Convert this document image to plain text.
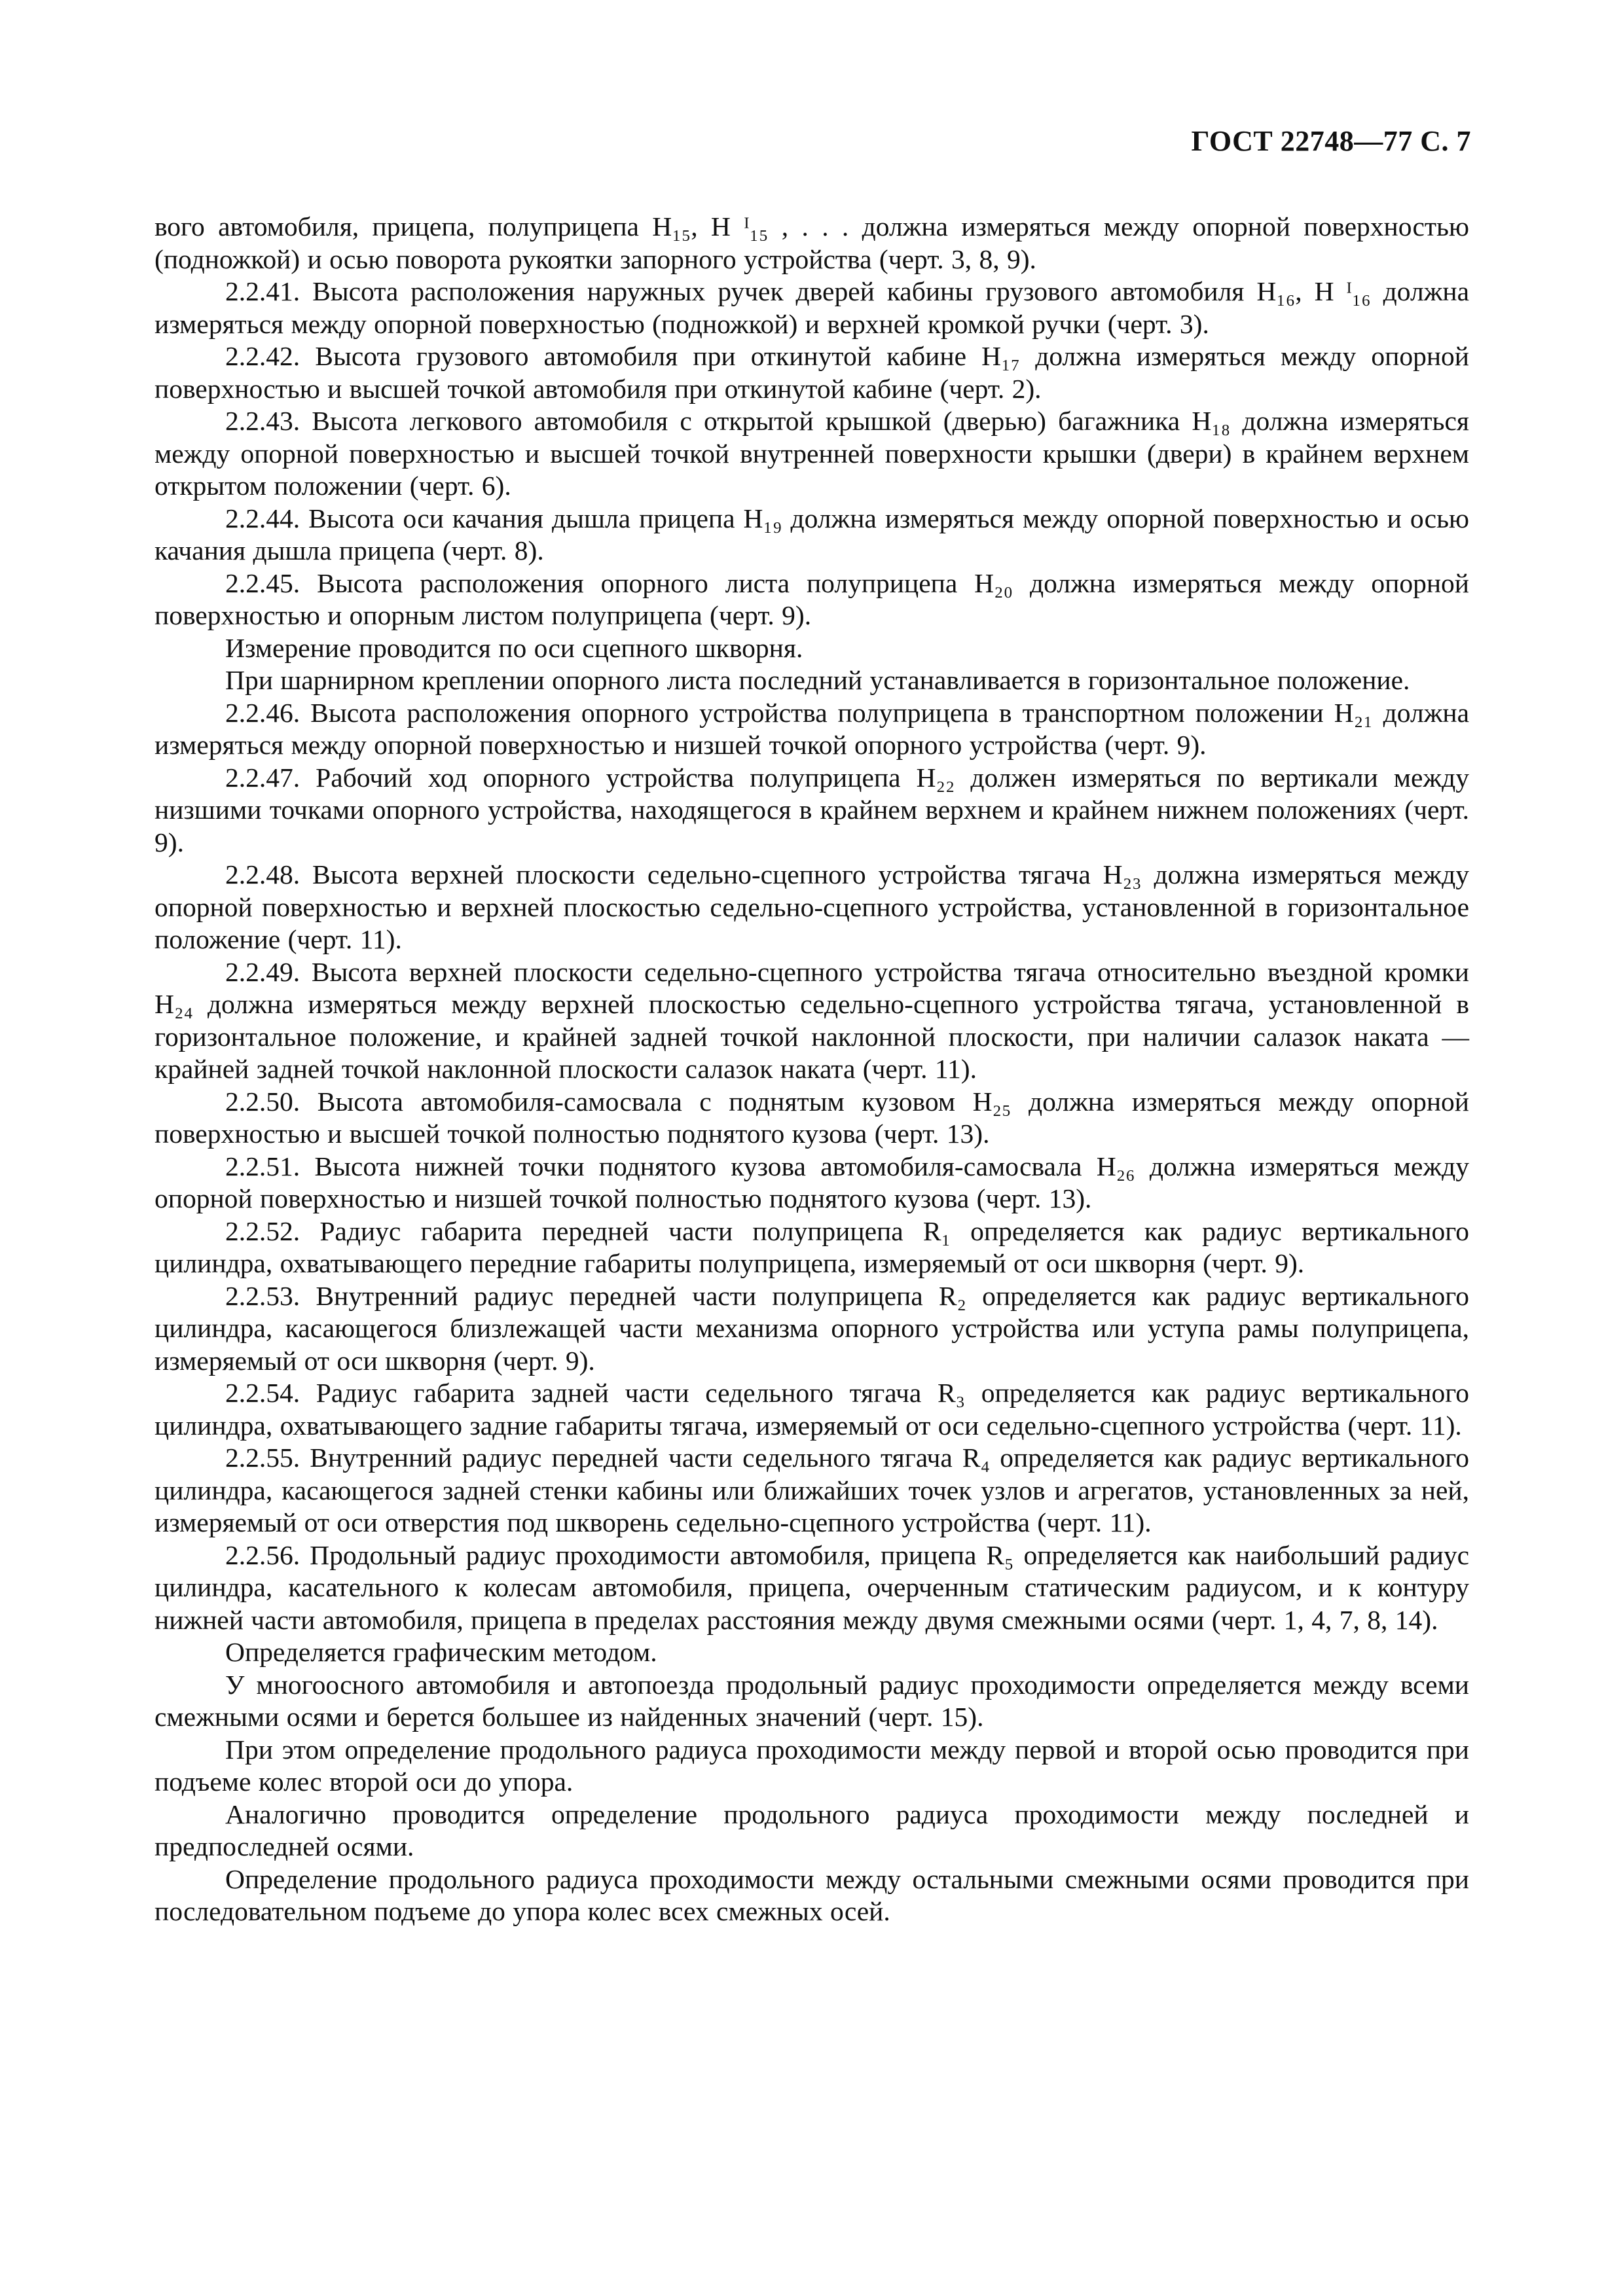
ГОСТ 22748—77 С. 7

вого автомобиля, прицепа, полуприцепа H₁₅, H ᴵ₁₅ , . . . должна измеряться между опорной поверхностью (подножкой) и осью поворота рукоятки запорного устройства (черт. 3, 8, 9).

2.2.41. Высота расположения наружных ручек дверей кабины грузового автомобиля H₁₆, H ᴵ₁₆ должна измеряться между опорной поверхностью (подножкой) и верхней кромкой ручки (черт. 3).

2.2.42. Высота грузового автомобиля при откинутой кабине H₁₇ должна измеряться между опорной поверхностью и высшей точкой автомобиля при откинутой кабине (черт. 2).

2.2.43. Высота легкового автомобиля с открытой крышкой (дверью) багажника H₁₈ должна измеряться между опорной поверхностью и высшей точкой внутренней поверхности крышки (двери) в крайнем верхнем открытом положении (черт. 6).

2.2.44. Высота оси качания дышла прицепа H₁₉ должна измеряться между опорной поверхностью и осью качания дышла прицепа (черт. 8).

2.2.45. Высота расположения опорного листа полуприцепа H₂₀ должна измеряться между опорной поверхностью и опорным листом полуприцепа (черт. 9).

Измерение проводится по оси сцепного шкворня.

При шарнирном креплении опорного листа последний устанавливается в горизонтальное положение.

2.2.46. Высота расположения опорного устройства полуприцепа в транспортном положении H₂₁ должна измеряться между опорной поверхностью и низшей точкой опорного устройства (черт. 9).

2.2.47. Рабочий ход опорного устройства полуприцепа H₂₂ должен измеряться по вертикали между низшими точками опорного устройства, находящегося в крайнем верхнем и крайнем нижнем положениях (черт. 9).

2.2.48. Высота верхней плоскости седельно-сцепного устройства тягача H₂₃ должна измеряться между опорной поверхностью и верхней плоскостью седельно-сцепного устройства, установленной в горизонтальное положение (черт. 11).

2.2.49. Высота верхней плоскости седельно-сцепного устройства тягача относительно въездной кромки H₂₄ должна измеряться между верхней плоскостью седельно-сцепного устройства тягача, установленной в горизонтальное положение, и крайней задней точкой наклонной плоскости, при наличии салазок наката — крайней задней точкой наклонной плоскости салазок наката (черт. 11).

2.2.50. Высота автомобиля-самосвала с поднятым кузовом H₂₅ должна измеряться между опорной поверхностью и высшей точкой полностью поднятого кузова (черт. 13).

2.2.51. Высота нижней точки поднятого кузова автомобиля-самосвала H₂₆ должна измеряться между опорной поверхностью и низшей точкой полностью поднятого кузова (черт. 13).

2.2.52. Радиус габарита передней части полуприцепа R₁ определяется как радиус вертикального цилиндра, охватывающего передние габариты полуприцепа, измеряемый от оси шкворня (черт. 9).

2.2.53. Внутренний радиус передней части полуприцепа R₂ определяется как радиус вертикального цилиндра, касающегося близлежащей части механизма опорного устройства или уступа рамы полуприцепа, измеряемый от оси шкворня (черт. 9).

2.2.54. Радиус габарита задней части седельного тягача R₃ определяется как радиус вертикального цилиндра, охватывающего задние габариты тягача, измеряемый от оси седельно-сцепного устройства (черт. 11).

2.2.55. Внутренний радиус передней части седельного тягача R₄ определяется как радиус вертикального цилиндра, касающегося задней стенки кабины или ближайших точек узлов и агрегатов, установленных за ней, измеряемый от оси отверстия под шкворень седельно-сцепного устройства (черт. 11).

2.2.56. Продольный радиус проходимости автомобиля, прицепа R₅ определяется как наибольший радиус цилиндра, касательного к колесам автомобиля, прицепа, очерченным статическим радиусом, и к контуру нижней части автомобиля, прицепа в пределах расстояния между двумя смежными осями (черт. 1, 4, 7, 8, 14).

Определяется графическим методом.

У многоосного автомобиля и автопоезда продольный радиус проходимости определяется между всеми смежными осями и берется большее из найденных значений (черт. 15).

При этом определение продольного радиуса проходимости между первой и второй осью проводится при подъеме колес второй оси до упора.

Аналогично проводится определение продольного радиуса проходимости между последней и предпоследней осями.

Определение продольного радиуса проходимости между остальными смежными осями проводится при последовательном подъеме до упора колес всех смежных осей.
